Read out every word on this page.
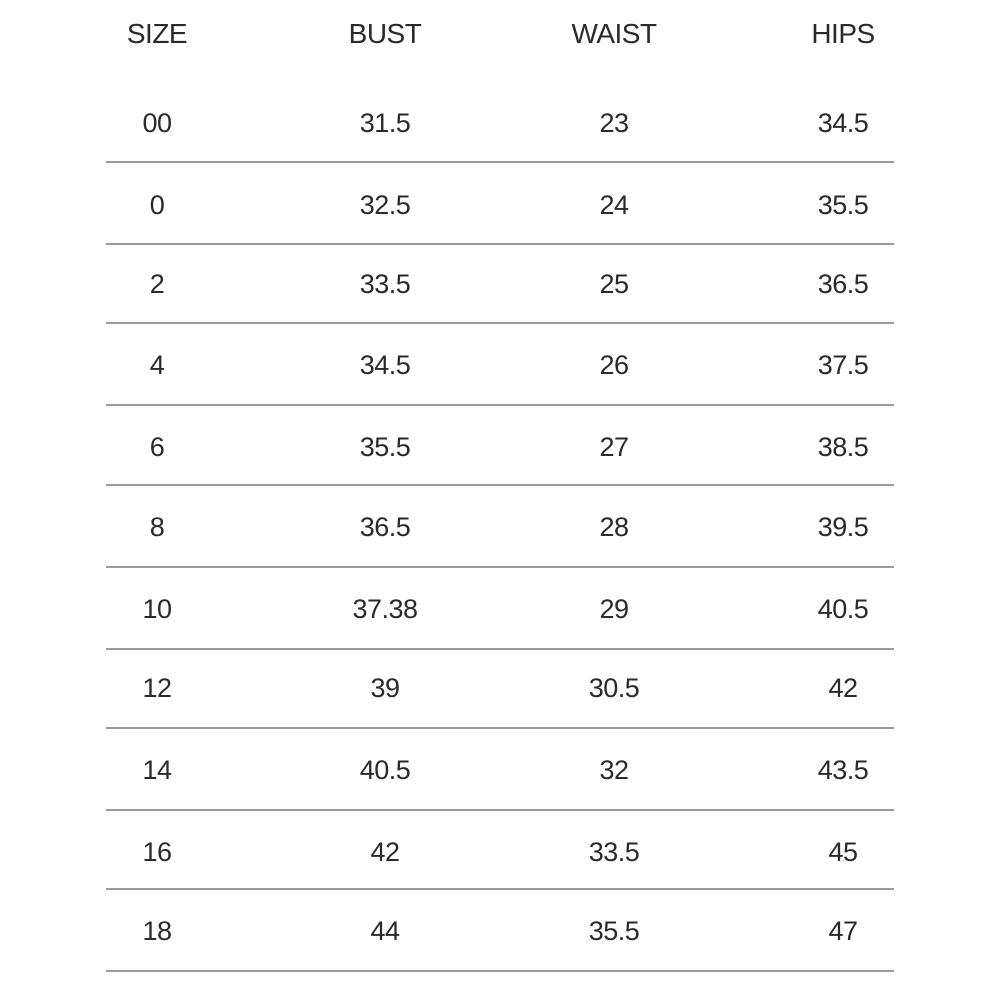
SIZE	BUST	WAIST	HIPS
00	31.5	23	34.5
0	32.5	24	35.5
2	33.5	25	36.5
4	34.5	26	37.5
6	35.5	27	38.5
8	36.5	28	39.5
10	37.38	29	40.5
12	39	30.5	42
14	40.5	32	43.5
16	42	33.5	45
18	44	35.5	47
